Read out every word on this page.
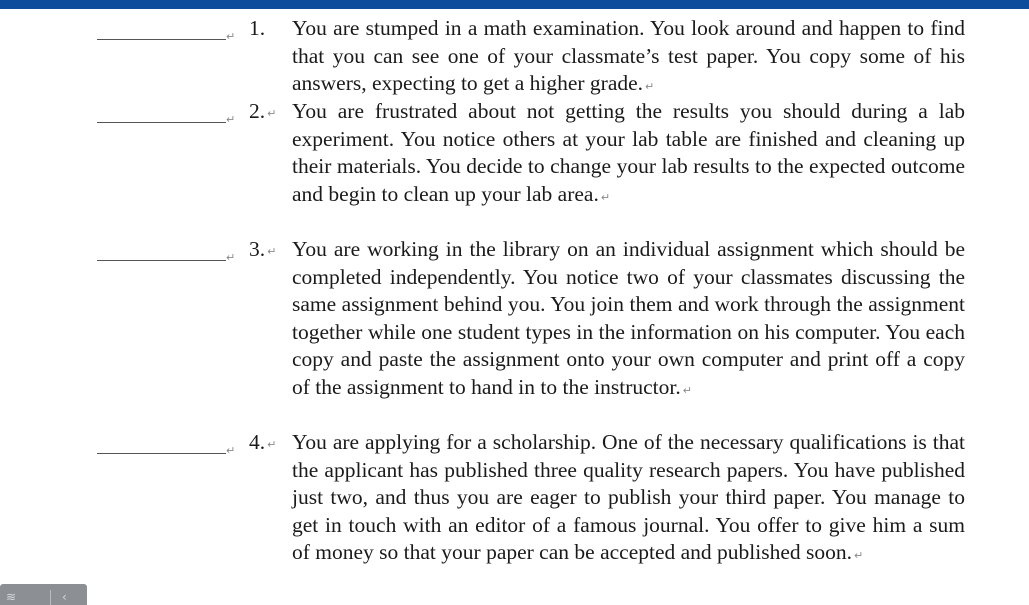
↵ 1. You are stumped in a math examination. You look around and happen to find that you can see one of your classmate’s test paper. You copy some of his answers, expecting to get a higher grade. ↵
↵ 2. ↵ You are frustrated about not getting the results you should during a lab experiment. You notice others at your lab table are finished and cleaning up their materials. You decide to change your lab results to the expected outcome and begin to clean up your lab area. ↵
↵ 3. ↵ You are working in the library on an individual assignment which should be completed independently. You notice two of your classmates discussing the same assignment behind you. You join them and work through the assignment together while one student types in the information on his computer. You each copy and paste the assignment onto your own computer and print off a copy of the assignment to hand in to the instructor. ↵
↵ 4. ↵ You are applying for a scholarship. One of the necessary qualifications is that the applicant has published three quality research papers. You have published just two, and thus you are eager to publish your third paper. You manage to get in touch with an editor of a famous journal. You offer to give him a sum of money so that your paper can be accepted and published soon. ↵
≋	‹
